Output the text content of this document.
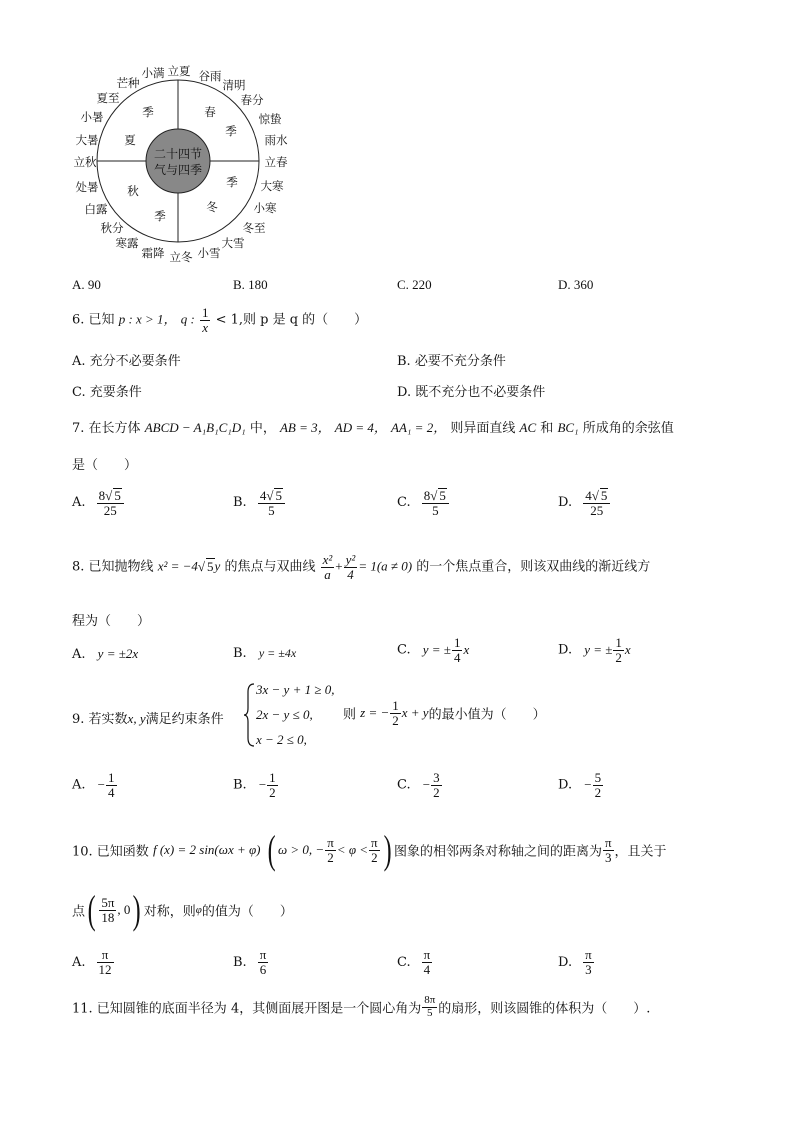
二十四节
气与四季
春
季
季
夏
秋
季
季
冬
小满 立夏 谷雨
清明
春分
惊蛰
雨水
立春
大寒
小寒
冬至
大雪
小雪
立冬
霜降
寒露
秋分
白露
处暑
立秋
大暑
小暑
夏至
芒种
A. 90	B. 180	C. 220	D. 360
6. 已知 p : x > 1， q : $\frac{1}{x} < 1$,则 p 是 q 的（　　）
A. 充分不必要条件	B. 必要不充分条件
C. 充要条件	D. 既不充分也不必要条件
7. 在长方体 ABCD − A₁B₁C₁D₁ 中， AB = 3， AD = 4， AA₁ = 2， 则异面直线 AC 和 BC₁ 所成角的余弦值
是（　　）
A. $\frac{8 √ 5}{25}$	B. $\frac{4 √ 5}{5}$	C. $\frac{8 √ 5}{5}$	D. $\frac{4 √ 5}{25}$
8. 已知抛物线 x² = −4 √ 5y 的焦点与双曲线 $\frac{\text{x²}}{a} + \frac{\text{y²}}{4} = 1(a \ne 0)$ 的一个焦点重合，则该双曲线的渐近线方
程为（　　）
A. y = ±2x	B. y = ±4x	C. y = ± $\frac{1}{4}$ x	D. y = ± $\frac{1}{2}$ x
9. 若实数x, y满足约束条件
3x − y + 1 ≥ 0,
2x − y ≤ 0,
x − 2 ≤ 0,
则 z = − $\frac{1}{2}$ x + y的最小值为（　　）
A. − $\frac{1}{4}$	B. − $\frac{1}{2}$	C. − $\frac{3}{2}$	D. − $\frac{5}{2}$
10. 已知函数 f (x) = 2 sin(ωx + φ) ( ω > 0, − $\frac{\pi}{2} < \varphi < \frac{\pi}{2}$ ) 图象的相邻两条对称轴之间的距离为 $\frac{\pi}{3}$ ，且关于
点( $\frac{5\pi}{18}$ , 0) 对称，则φ的值为（　　）
A. $\frac{\pi}{12}$	B. $\frac{\pi}{6}$	C. $\frac{\pi}{4}$	D. $\frac{\pi}{3}$
11. 已知圆锥的底面半径为 4，其侧面展开图是一个圆心角为 $\frac{8\pi}{5}$ 的扇形，则该圆锥的体积为（　　）.
